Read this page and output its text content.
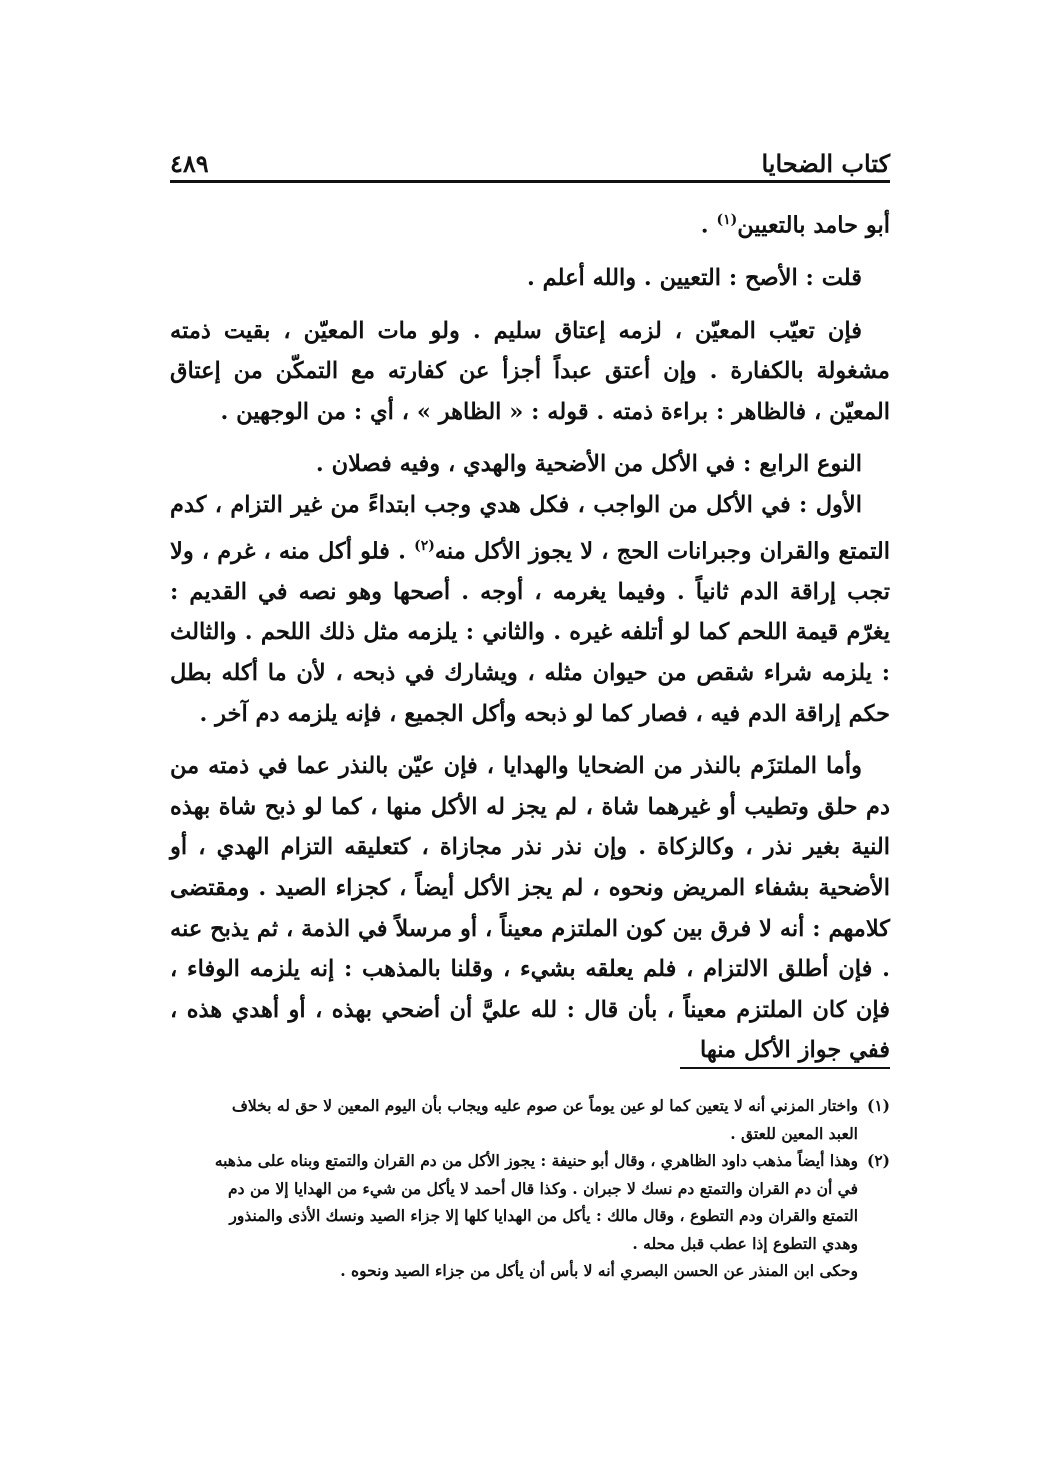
كتاب الضحايا
٤٨٩

أبو حامد بالتعيين$^{(١)}$ .

قلت : الأصح : التعيين . والله أعلم .

فإن تعيّب المعيّن ، لزمه إعتاق سليم . ولو مات المعيّن ، بقيت ذمته مشغولة بالكفارة . وإن أعتق عبداً أجزأ عن كفارته مع التمكّن من إعتاق المعيّن ، فالظاهر : براءة ذمته . قوله : « الظاهر » ، أي : من الوجهين .

النوع الرابع : في الأكل من الأضحية والهدي ، وفيه فصلان .

الأول : في الأكل من الواجب ، فكل هدي وجب ابتداءً من غير التزام ، كدم التمتع والقران وجبرانات الحج ، لا يجوز الأكل منه$^{(٢)}$ . فلو أكل منه ، غرم ، ولا تجب إراقة الدم ثانياً . وفيما يغرمه ، أوجه . أصحها وهو نصه في القديم : يغرّم قيمة اللحم كما لو أتلفه غيره . والثاني : يلزمه مثل ذلك اللحم . والثالث : يلزمه شراء شقص من حيوان مثله ، ويشارك في ذبحه ، لأن ما أكله بطل حكم إراقة الدم فيه ، فصار كما لو ذبحه وأكل الجميع ، فإنه يلزمه دم آخر .

وأما الملتزَم بالنذر من الضحايا والهدايا ، فإن عيّن بالنذر عما في ذمته من دم حلق وتطيب أو غيرهما شاة ، لم يجز له الأكل منها ، كما لو ذبح شاة بهذه النية بغير نذر ، وكالزكاة . وإن نذر نذر مجازاة ، كتعليقه التزام الهدي ، أو الأضحية بشفاء المريض ونحوه ، لم يجز الأكل أيضاً ، كجزاء الصيد . ومقتضى كلامهم : أنه لا فرق بين كون الملتزم معيناً ، أو مرسلاً في الذمة ، ثم يذبح عنه . فإن أطلق الالتزام ، فلم يعلقه بشيء ، وقلنا بالمذهب : إنه يلزمه الوفاء ، فإن كان الملتزم معيناً ، بأن قال : لله عليَّ أن أضحي بهذه ، أو أهدي هذه ، ففي جواز الأكل منها

(١)
واختار المزني أنه لا يتعين كما لو عين يوماً عن صوم عليه ويجاب بأن اليوم المعين لا حق له بخلاف
العبد المعين للعتق .
(٢)
وهذا أيضاً مذهب داود الظاهري ، وقال أبو حنيفة : يجوز الأكل من دم القران والتمتع وبناه على مذهبه
في أن دم القران والتمتع دم نسك لا جبران . وكذا قال أحمد لا يأكل من شيء من الهدايا إلا من دم
التمتع والقران ودم التطوع ، وقال مالك : يأكل من الهدايا كلها إلا جزاء الصيد ونسك الأذى والمنذور
وهدي التطوع إذا عطب قبل محله .
وحكى ابن المنذر عن الحسن البصري أنه لا بأس أن يأكل من جزاء الصيد ونحوه .
